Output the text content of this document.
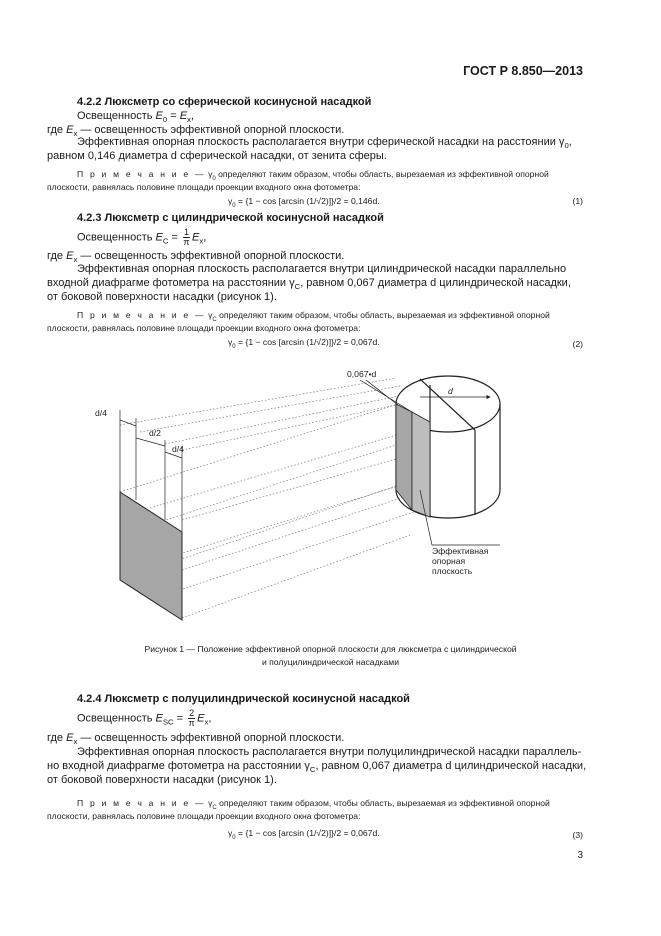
ГОСТ Р 8.850—2013
4.2.2 Люксметр со сферической косинусной насадкой
Освещенность $E_0 = E_x$,
где $E_x$ — освещенность эффективной опорной плоскости.
Эффективная опорная плоскость располагается внутри сферической насадки на расстоянии $\gamma_0$,
равном 0,146 диаметра d сферической насадки, от зенита сферы.
П р и м е ч а н и е — $\gamma_0$ определяют таким образом, чтобы область, вырезаемая из эффективной опорной
плоскости, равнялась половине площади проекции входного окна фотометра:
$\gamma_0 = \{1 - \cos [\arcsin$ (1/√2)]}/2 = 0,146d.	(1)
4.2.3 Люксметр с цилиндрической косинусной насадкой
Освещенность $E_C = \frac{1}{\pi} E_x$,
где $E_x$ — освещенность эффективной опорной плоскости.
Эффективная опорная плоскость располагается внутри цилиндрической насадки параллельно
входной диафрагме фотометра на расстоянии $\gamma_C$, равном 0,067 диаметра d цилиндрической насадки,
от боковой поверхности насадки (рисунок 1).
П р и м е ч а н и е — $\gamma_C$ определяют таким образом, чтобы область, вырезаемая из эффективной опорной
плоскости, равнялась половине площади проекции входного окна фотометра:
$\gamma_0 = \{1 - \cos [\arcsin$ (1/√2)]}/2 = 0,067d.	(2)
d/4
d/2
d/4
d
0,067•d
Эффективная
опорная
плоскость
Рисунок 1 — Положение эффективной опорной плоскости для люксметра с цилиндрической
и полуцилиндрической насадками
4.2.4 Люксметр с полуцилиндрической косинусной насадкой
Освещенность $E_{SC} = \frac{2}{\pi} E_x$,
где $E_x$ — освещенность эффективной опорной плоскости.
Эффективная опорная плоскость располагается внутри полуцилиндрической насадки параллель-
но входной диафрагме фотометра на расстоянии $\gamma_C$, равном 0,067 диаметра d цилиндрической насадки,
от боковой поверхности насадки (рисунок 1).
П р и м е ч а н и е — $\gamma_C$ определяют таким образом, чтобы область, вырезаемая из эффективной опорной
плоскости, равнялась половине площади проекции входного окна фотометра:
$\gamma_0 = \{1 - \cos [\arcsin$ (1/√2)]}/2 = 0,067d.	(3)
3
